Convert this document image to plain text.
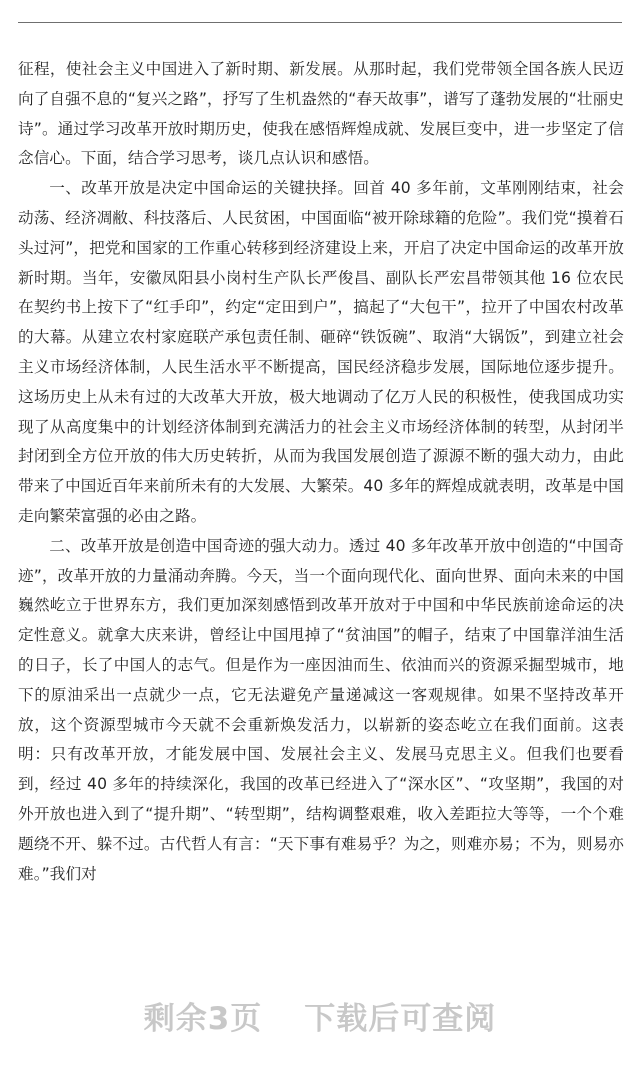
征程，使社会主义中国进入了新时期、新发展。从那时起，我们党带领全国各族人民迈向了自强不息的“复兴之路”，抒写了生机盎然的“春天故事”，谱写了蓬勃发展的“壮丽史诗”。通过学习改革开放时期历史，使我在感悟辉煌成就、发展巨变中，进一步坚定了信念信心。下面，结合学习思考，谈几点认识和感悟。

一、改革开放是决定中国命运的关键抉择。回首 40 多年前，文革刚刚结束，社会动荡、经济凋敝、科技落后、人民贫困，中国面临“被开除球籍的危险”。我们党“摸着石头过河”，把党和国家的工作重心转移到经济建设上来，开启了决定中国命运的改革开放新时期。当年，安徽凤阳县小岗村生产队长严俊昌、副队长严宏昌带领其他 16 位农民在契约书上按下了“红手印”，约定“定田到户”，搞起了“大包干”，拉开了中国农村改革的大幕。从建立农村家庭联产承包责任制、砸碎“铁饭碗”、取消“大锅饭”，到建立社会主义市场经济体制，人民生活水平不断提高，国民经济稳步发展，国际地位逐步提升。这场历史上从未有过的大改革大开放，极大地调动了亿万人民的积极性，使我国成功实现了从高度集中的计划经济体制到充满活力的社会主义市场经济体制的转型，从封闭半封闭到全方位开放的伟大历史转折，从而为我国发展创造了源源不断的强大动力，由此带来了中国近百年来前所未有的大发展、大繁荣。40 多年的辉煌成就表明，改革是中国走向繁荣富强的必由之路。

二、改革开放是创造中国奇迹的强大动力。透过 40 多年改革开放中创造的“中国奇迹”，改革开放的力量涌动奔腾。今天，当一个面向现代化、面向世界、面向未来的中国巍然屹立于世界东方，我们更加深刻感悟到改革开放对于中国和中华民族前途命运的决定性意义。就拿大庆来讲，曾经让中国甩掉了“贫油国”的帽子，结束了中国靠洋油生活的日子，长了中国人的志气。但是作为一座因油而生、依油而兴的资源采掘型城市，地下的原油采出一点就少一点，它无法避免产量递减这一客观规律。如果不坚持改革开放，这个资源型城市今天就不会重新焕发活力，以崭新的姿态屹立在我们面前。这表明：只有改革开放，才能发展中国、发展社会主义、发展马克思主义。但我们也要看到，经过 40 多年的持续深化，我国的改革已经进入了“深水区”、“攻坚期”，我国的对外开放也进入到了“提升期”、“转型期”，结构调整艰难，收入差距拉大等等，一个个难题绕不开、躲不过。古代哲人有言：“天下事有难易乎？为之，则难亦易；不为，则易亦难。”我们对

剩余3页 下载后可查阅
